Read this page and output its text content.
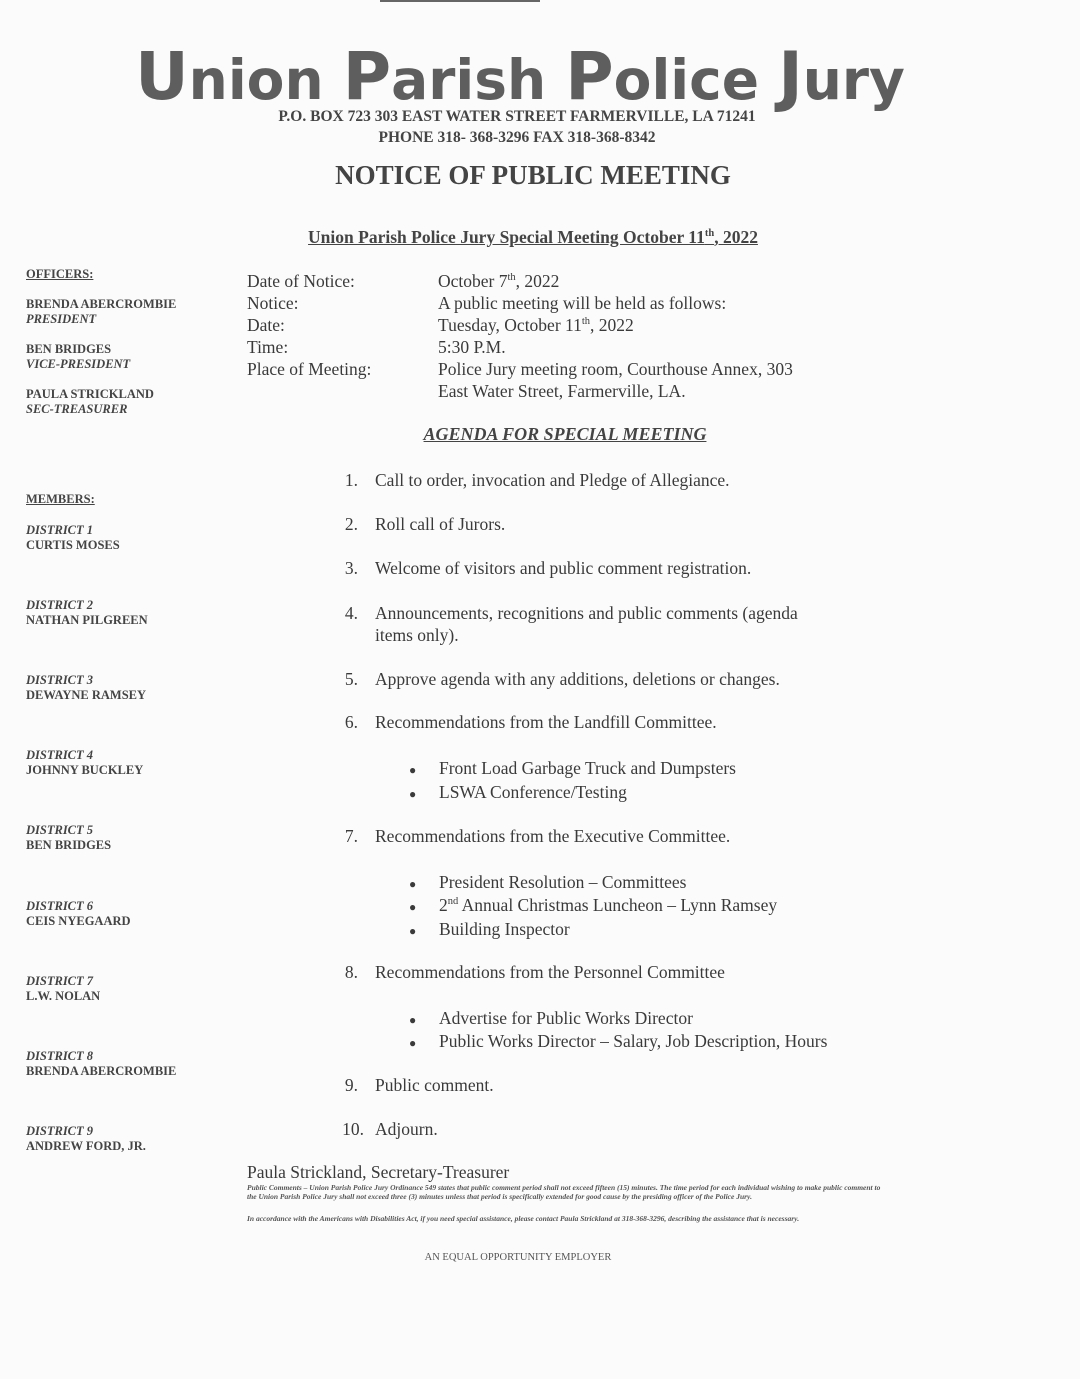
Union Parish Police Jury
P.O. BOX 723 303 EAST WATER STREET FARMERVILLE, LA 71241
PHONE 318- 368-3296 FAX 318-368-8342
NOTICE OF PUBLIC MEETING
Union Parish Police Jury Special Meeting October 11th, 2022
OFFICERS:
BRENDA ABERCROMBIE
PRESIDENT
BEN BRIDGES
VICE-PRESIDENT
PAULA STRICKLAND
SEC-TREASURER
MEMBERS:
DISTRICT 1
CURTIS MOSES
DISTRICT 2
NATHAN PILGREEN
DISTRICT 3
DEWAYNE RAMSEY
DISTRICT 4
JOHNNY BUCKLEY
DISTRICT 5
BEN BRIDGES
DISTRICT 6
CEIS NYEGAARD
DISTRICT 7
L.W. NOLAN
DISTRICT 8
BRENDA ABERCROMBIE
DISTRICT 9
ANDREW FORD, JR.
Date of Notice:	October 7th, 2022
Notice:	A public meeting will be held as follows:
Date:	Tuesday, October 11th, 2022
Time:	5:30 P.M.
Place of Meeting:	Police Jury meeting room, Courthouse Annex, 303
East Water Street, Farmerville, LA.
AGENDA FOR SPECIAL MEETING
1. Call to order, invocation and Pledge of Allegiance.
2. Roll call of Jurors.
3. Welcome of visitors and public comment registration.
4. Announcements, recognitions and public comments (agenda
items only).
5. Approve agenda with any additions, deletions or changes.
6. Recommendations from the Landfill Committee.
● Front Load Garbage Truck and Dumpsters
● LSWA Conference/Testing
7. Recommendations from the Executive Committee.
● President Resolution – Committees
● 2nd Annual Christmas Luncheon – Lynn Ramsey
● Building Inspector
8. Recommendations from the Personnel Committee
● Advertise for Public Works Director
● Public Works Director – Salary, Job Description, Hours
9. Public comment.
10. Adjourn.
Paula Strickland, Secretary-Treasurer
Public Comments – Union Parish Police Jury Ordinance 549 states that public comment period shall not exceed fifteen (15) minutes. The time period for each individual wishing to make public comment to the Union Parish Police Jury shall not exceed three (3) minutes unless that period is specifically extended for good cause by the presiding officer of the Police Jury.
In accordance with the Americans with Disabilities Act, if you need special assistance, please contact Paula Strickland at 318-368-3296, describing the assistance that is necessary.
AN EQUAL OPPORTUNITY EMPLOYER
